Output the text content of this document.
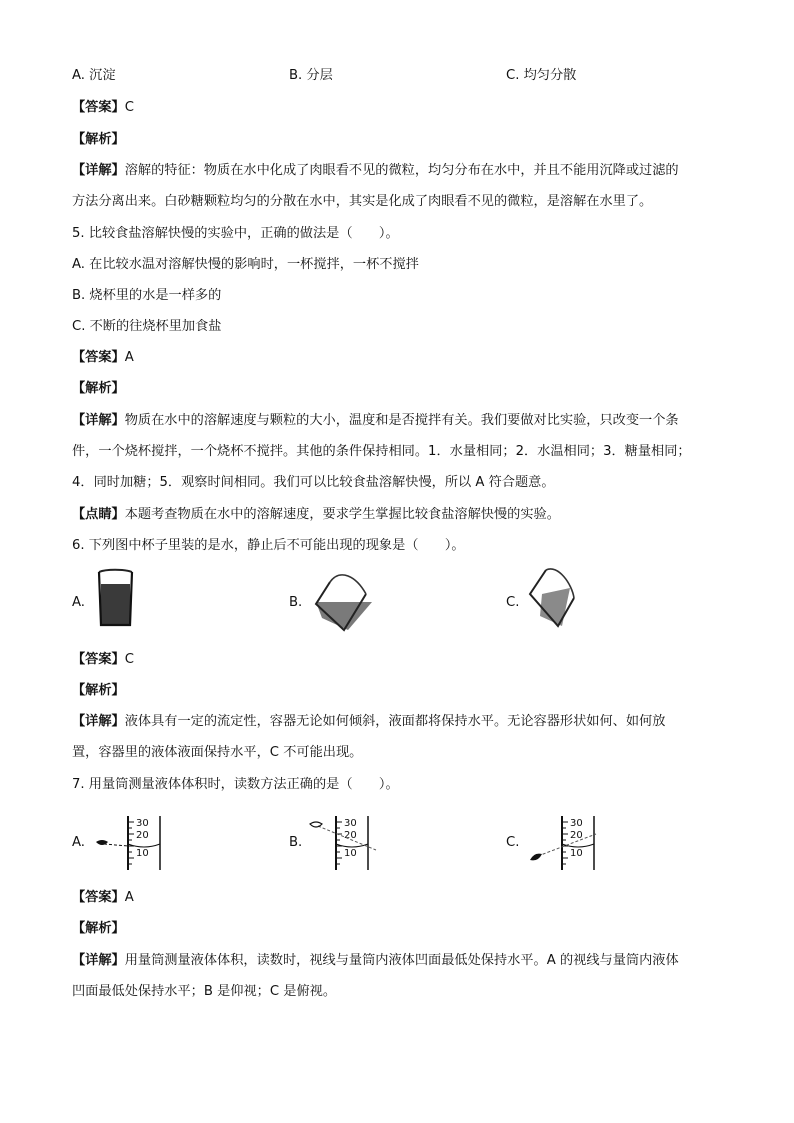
A. 沉淀	B. 分层	C. 均匀分散
【答案】C
【解析】
【详解】溶解的特征：物质在水中化成了肉眼看不见的微粒，均匀分布在水中，并且不能用沉降或过滤的
方法分离出来。白砂糖颗粒均匀的分散在水中，其实是化成了肉眼看不见的微粒，是溶解在水里了。
5. 比较食盐溶解快慢的实验中，正确的做法是（　　）。
A. 在比较水温对溶解快慢的影响时，一杯搅拌，一杯不搅拌
B. 烧杯里的水是一样多的
C. 不断的往烧杯里加食盐
【答案】A
【解析】
【详解】物质在水中的溶解速度与颗粒的大小，温度和是否搅拌有关。我们要做对比实验，只改变一个条
件，一个烧杯搅拌，一个烧杯不搅拌。其他的条件保持相同。1．水量相同；2．水温相同；3．糖量相同；
4．同时加糖；5．观察时间相同。我们可以比较食盐溶解快慢，所以 A 符合题意。
【点睛】本题考查物质在水中的溶解速度，要求学生掌握比较食盐溶解快慢的实验。
6. 下列图中杯子里装的是水，静止后不可能出现的现象是（　　）。
A.	B.	C.
【答案】C
【解析】
【详解】液体具有一定的流定性，容器无论如何倾斜，液面都将保持水平。无论容器形状如何、如何放
置，容器里的液体液面保持水平，C 不可能出现。
7. 用量筒测量液体体积时，读数方法正确的是（　　）。
A.
30
20
10
B.
30
20
10
C.
30
20
10
【答案】A
【解析】
【详解】用量筒测量液体体积，读数时，视线与量筒内液体凹面最低处保持水平。A 的视线与量筒内液体
凹面最低处保持水平；B 是仰视；C 是俯视。
